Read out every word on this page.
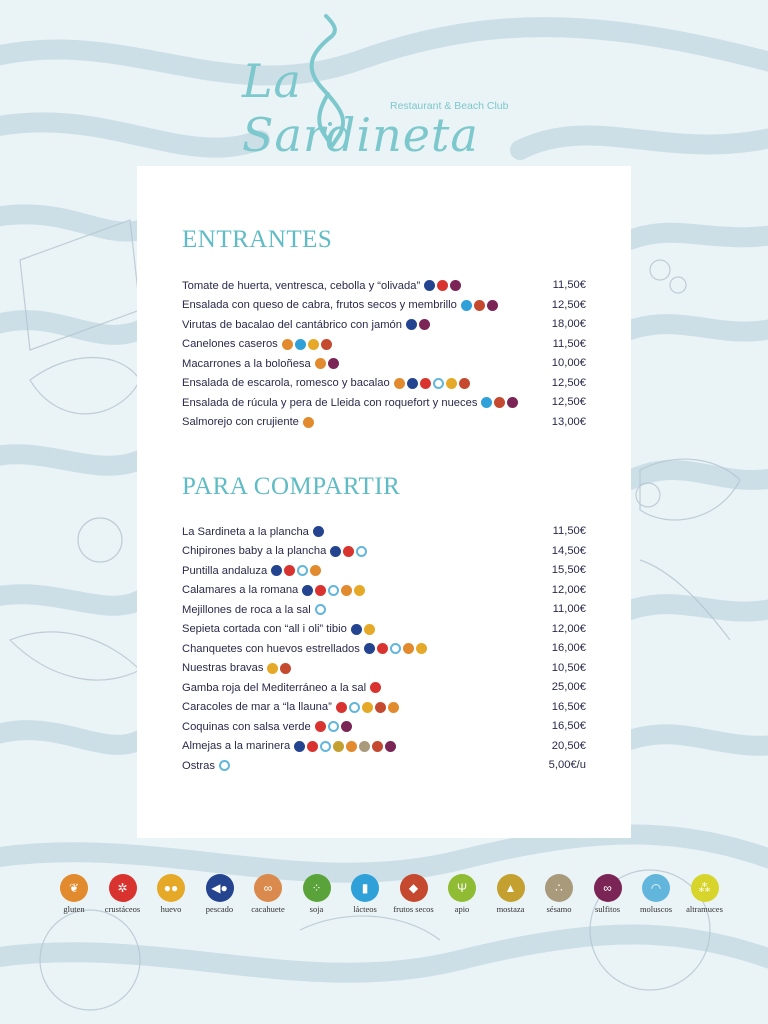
La Sardineta
Restaurant & Beach Club
ENTRANTES
Tomate de huerta, ventresca, cebolla y “olivada”	11,50€
Ensalada con queso de cabra, frutos secos y membrillo	12,50€
Virutas de bacalao del cantábrico con jamón	18,00€
Canelones caseros	11,50€
Macarrones a la boloñesa	10,00€
Ensalada de escarola, romesco y bacalao	12,50€
Ensalada de rúcula y pera de Lleida con roquefort y nueces	12,50€
Salmorejo con crujiente	13,00€
PARA COMPARTIR
La Sardineta a la plancha	11,50€
Chipirones baby a la plancha	14,50€
Puntilla andaluza	15,50€
Calamares a la romana	12,00€
Mejillones de roca a la sal	11,00€
Sepieta cortada con “all i oli” tibio	12,00€
Chanquetes con huevos estrellados	16,00€
Nuestras bravas	10,50€
Gamba roja del Mediterráneo a la sal	25,00€
Caracoles de mar a “la llauna”	16,50€
Coquinas con salsa verde	16,50€
Almejas a la marinera	20,50€
Ostras	5,00€/u
❦
gluten
✲
crustáceos
●●
huevo
◀●
pescado
∞
cacahuete
⁘
soja
▮
lácteos
◆
frutos secos
Ψ
apio
▲
mostaza
∴
sésamo
∞
sulfitos
◠
moluscos
⁂
altramuces
